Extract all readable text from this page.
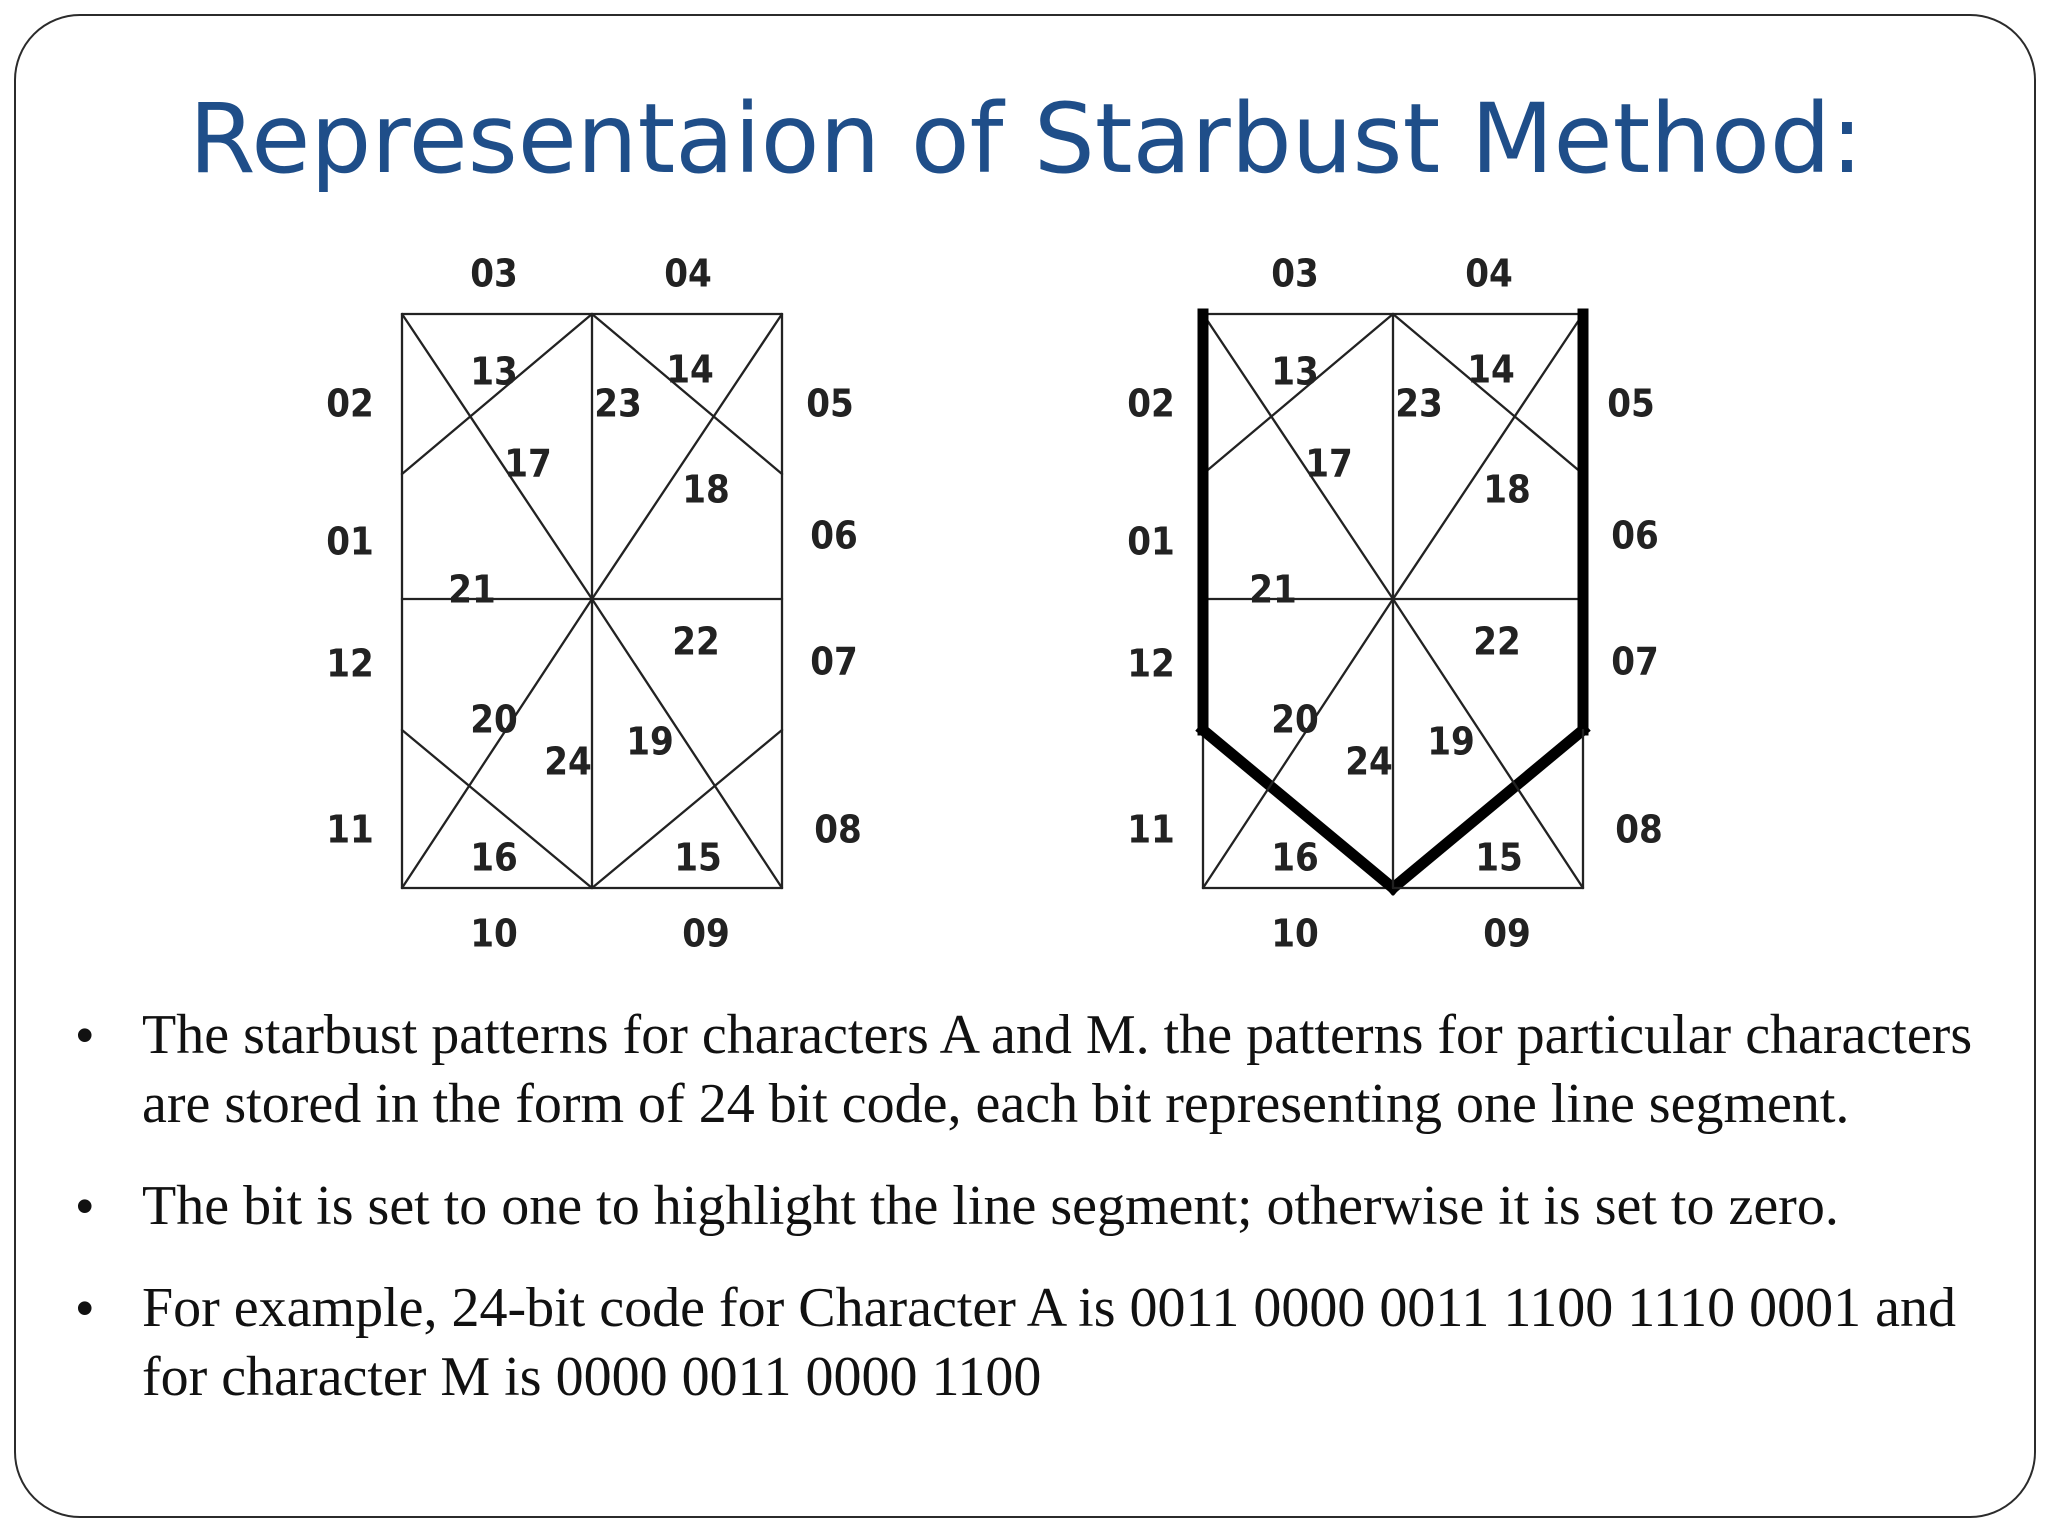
Representaion of Starbust Method:
10
11
12
13	14
15
16
17
18
19
20
21
22
23
24
03	04
09
02
01
05
06
07
08
10
11
12
13	14
15
16
17
18
19
20
21
22
23
24
03	04
09
02
01
05
06
07
08
• The starbust patterns for characters A and M. the patterns for particular characters are stored in the form of 24 bit code, each bit representing one line segment.
• The bit is set to one to highlight the line segment; otherwise it is set to zero.
• For example, 24-bit code for Character A is 0011 0000 0011 1100 1110 0001 and for character M is 0000 0011 0000 1100
